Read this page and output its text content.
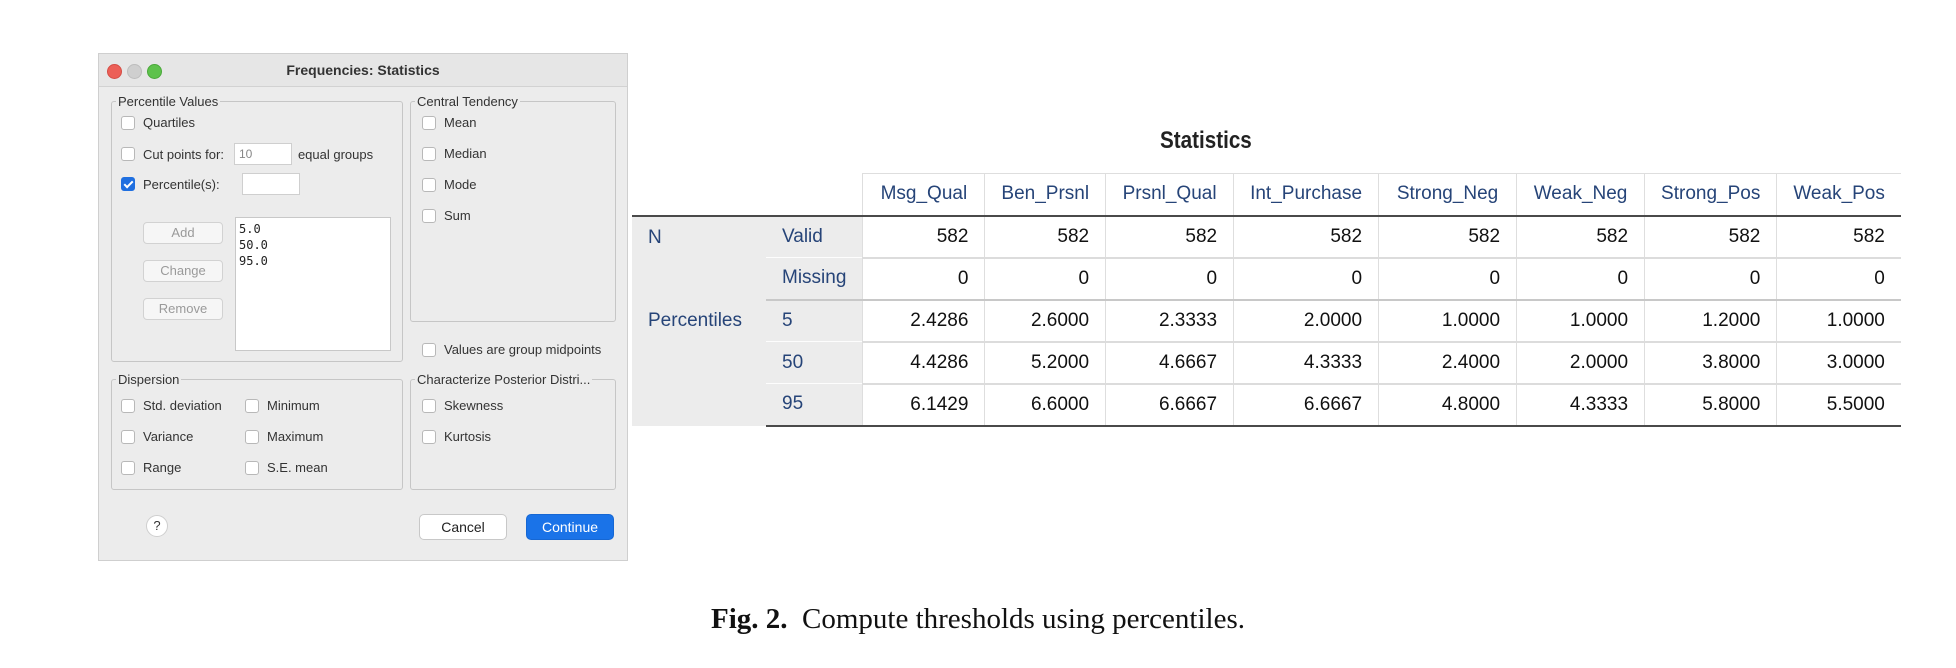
Frequencies: Statistics
Percentile Values
Quartiles
Cut points for:
10	equal groups
Percentile(s):
Add
Change
Remove
5.0
50.0
95.0
Central Tendency
Mean
Median
Mode
Sum
Values are group midpoints
Dispersion
Std. deviation	Minimum
Variance	Maximum
Range	S.E. mean
Characterize Posterior Distri...
Skewness
Kurtosis
?	Cancel	Continue
Statistics
		Msg_Qual	Ben_Prsnl	Prsnl_Qual	Int_Purchase	Strong_Neg	Weak_Neg	Strong_Pos	Weak_Pos
N	Valid	582	582	582	582	582	582	582	582
	Missing	0	0	0	0	0	0	0	0
Percentiles	5	2.4286	2.6000	2.3333	2.0000	1.0000	1.0000	1.2000	1.0000
	50	4.4286	5.2000	4.6667	4.3333	2.4000	2.0000	3.8000	3.0000
	95	6.1429	6.6000	6.6667	6.6667	4.8000	4.3333	5.8000	5.5000
Fig. 2. Compute thresholds using percentiles.
